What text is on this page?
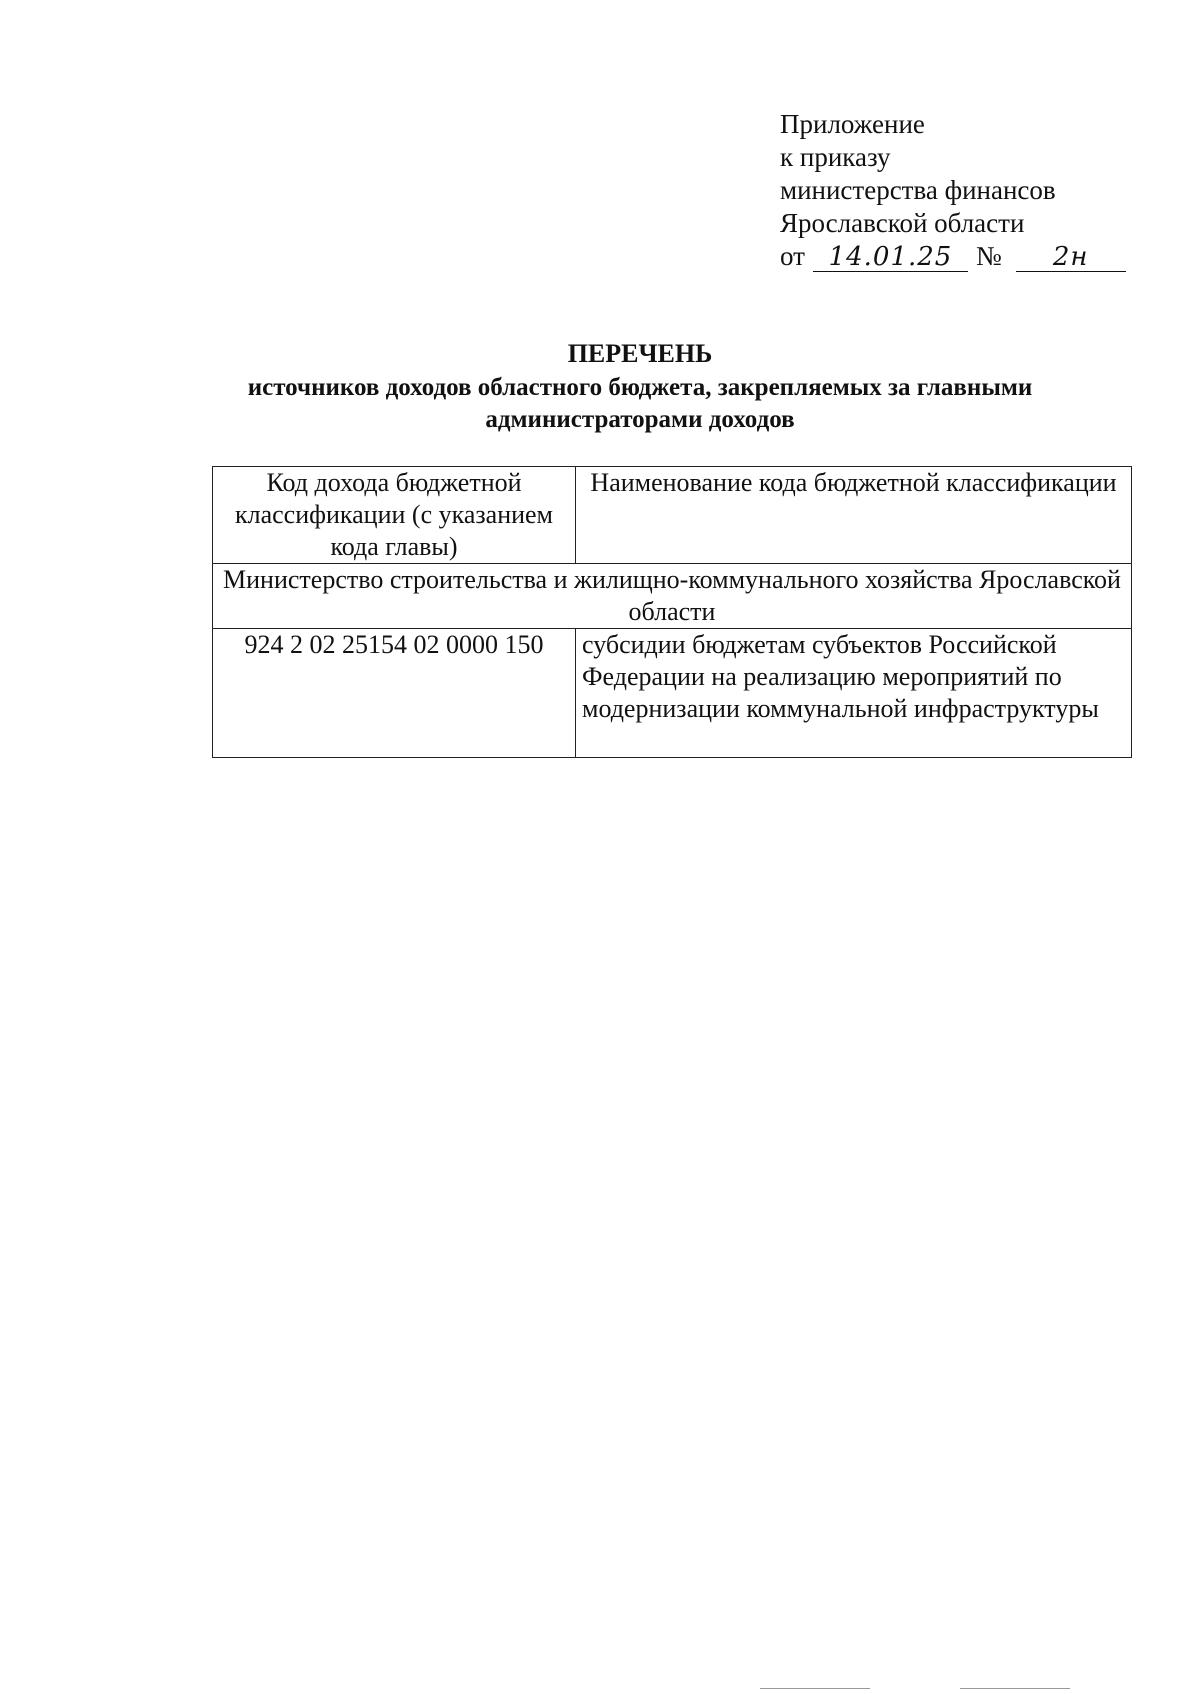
Приложение
к приказу
министерства финансов
Ярославской области
от 14.01.25 №	2н
ПЕРЕЧЕНЬ
источников доходов областного бюджета, закрепляемых за главными
администраторами доходов
Код дохода бюджетной классификации (с указанием кода главы)	Наименование кода бюджетной классификации
Министерство строительства и жилищно-коммунального хозяйства Ярославской области	
924 2 02 25154 02 0000 150	субсидии бюджетам субъектов Российской Федерации на реализацию мероприятий по модернизации коммунальной инфраструктуры
